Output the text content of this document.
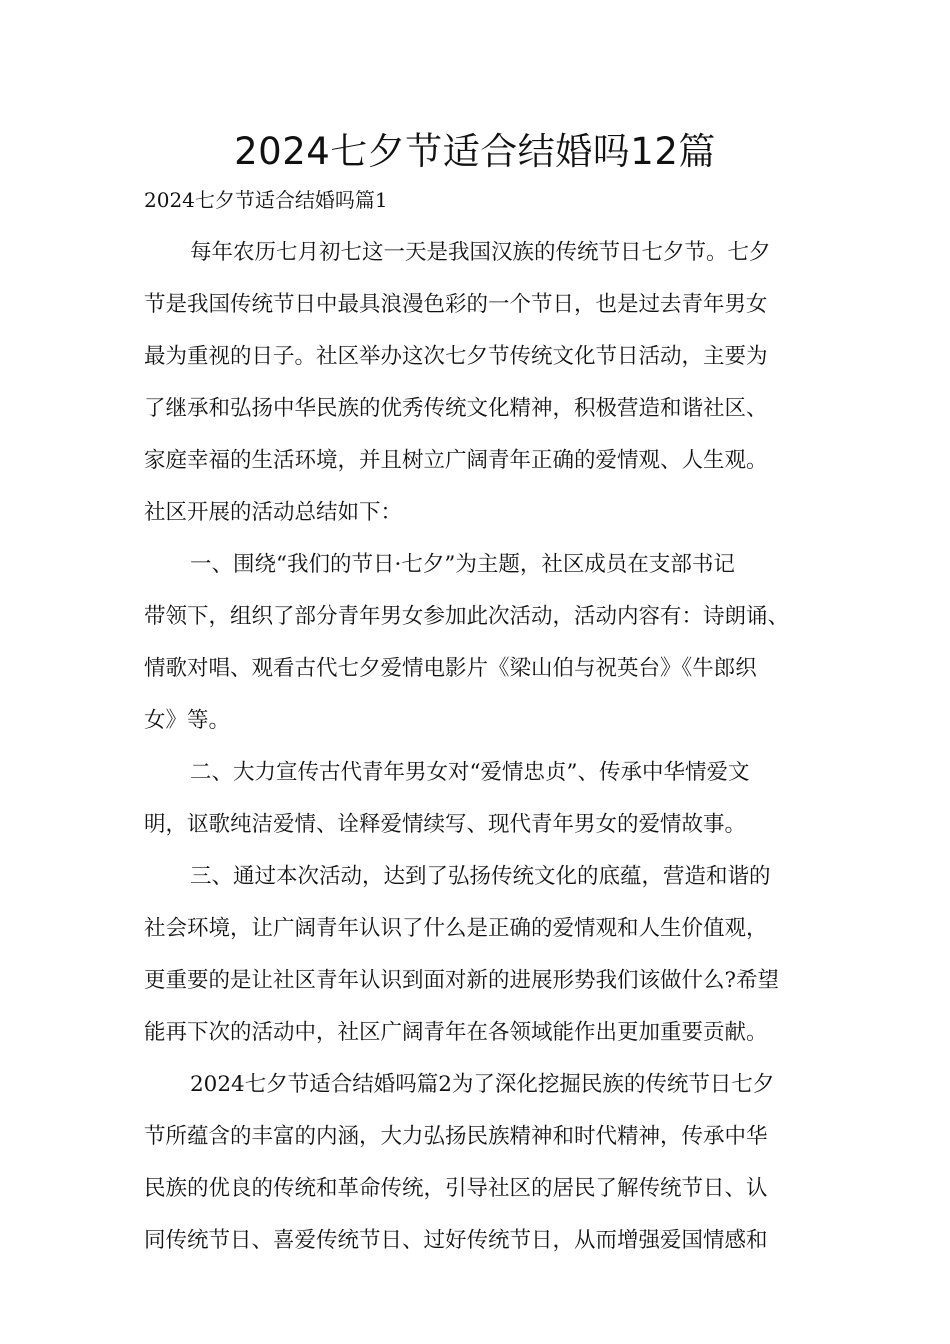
2024七夕节适合结婚吗12篇

2024七夕节适合结婚吗篇1

每年农历七月初七这一天是我国汉族的传统节日七夕节。七夕
节是我国传统节日中最具浪漫色彩的一个节日，也是过去青年男女
最为重视的日子。社区举办这次七夕节传统文化节日活动，主要为
了继承和弘扬中华民族的优秀传统文化精神，积极营造和谐社区、
家庭幸福的生活环境，并且树立广阔青年正确的爱情观、人生观。
社区开展的活动总结如下：
一、围绕“我们的节日·七夕”为主题，社区成员在支部书记
带领下，组织了部分青年男女参加此次活动，活动内容有：诗朗诵、
情歌对唱、观看古代七夕爱情电影片《梁山伯与祝英台》《牛郎织
女》等。
二、大力宣传古代青年男女对“爱情忠贞”、传承中华情爱文
明，讴歌纯洁爱情、诠释爱情续写、现代青年男女的爱情故事。
三、通过本次活动，达到了弘扬传统文化的底蕴，营造和谐的
社会环境，让广阔青年认识了什么是正确的爱情观和人生价值观，
更重要的是让社区青年认识到面对新的进展形势我们该做什么?希望
能再下次的活动中，社区广阔青年在各领域能作出更加重要贡献。
2024七夕节适合结婚吗篇2为了深化挖掘民族的传统节日七夕
节所蕴含的丰富的内涵，大力弘扬民族精神和时代精神，传承中华
民族的优良的传统和革命传统，引导社区的居民了解传统节日、认
同传统节日、喜爱传统节日、过好传统节日，从而增强爱国情感和
